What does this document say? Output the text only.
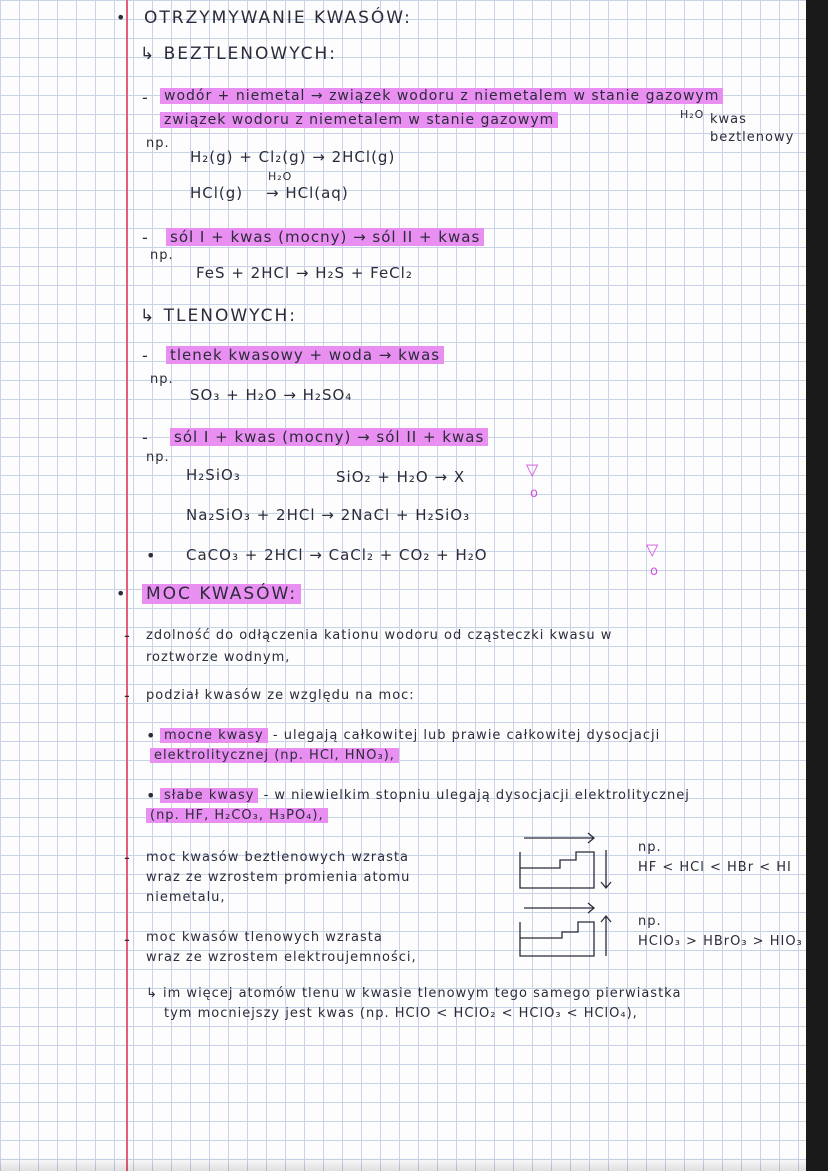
• OTRZYMYWANIE KWASÓW:
↳ BEZTLENOWYCH:
- wodór + niemetal → związek wodoru z niemetalem w stanie gazowym
związek wodoru z niemetalem w stanie gazowym	H₂O kwas
beztlenowy
np.
H₂(g) + Cl₂(g) → 2HCl(g)
HCl(g)
H₂O
→ HCl(aq)
- sól I + kwas (mocny) → sól II + kwas
np.
FeS + 2HCl → H₂S + FeCl₂
↳ TLENOWYCH:
- tlenek kwasowy + woda → kwas
np.
SO₃ + H₂O → H₂SO₄
- sól I + kwas (mocny) → sól II + kwas
np.
H₂SiO₃	SiO₂ + H₂O → X	▽
o
Na₂SiO₃ + 2HCl → 2NaCl + H₂SiO₃
• CaCO₃ + 2HCl → CaCl₂ + CO₂ + H₂O	▽
o
• MOC KWASÓW:
- zdolność do odłączenia kationu wodoru od cząsteczki kwasu w
roztworze wodnym,
- podział kwasów ze względu na moc:
• mocne kwasy - ulegają całkowitej lub prawie całkowitej dysocjacji
elektrolitycznej (np. HCl, HNO₃),
• słabe kwasy - w niewielkim stopniu ulegają dysocjacji elektrolitycznej
(np. HF, H₂CO₃, H₃PO₄),
- moc kwasów beztlenowych wzrasta
wraz ze wzrostem promienia atomu
niemetalu,
np.
HF < HCl < HBr < HI
- moc kwasów tlenowych wzrasta
wraz ze wzrostem elektroujemności,
np.
HClO₃ > HBrO₃ > HIO₃
↳ im więcej atomów tlenu w kwasie tlenowym tego samego pierwiastka
tym mocniejszy jest kwas (np. HClO < HClO₂ < HClO₃ < HClO₄),
